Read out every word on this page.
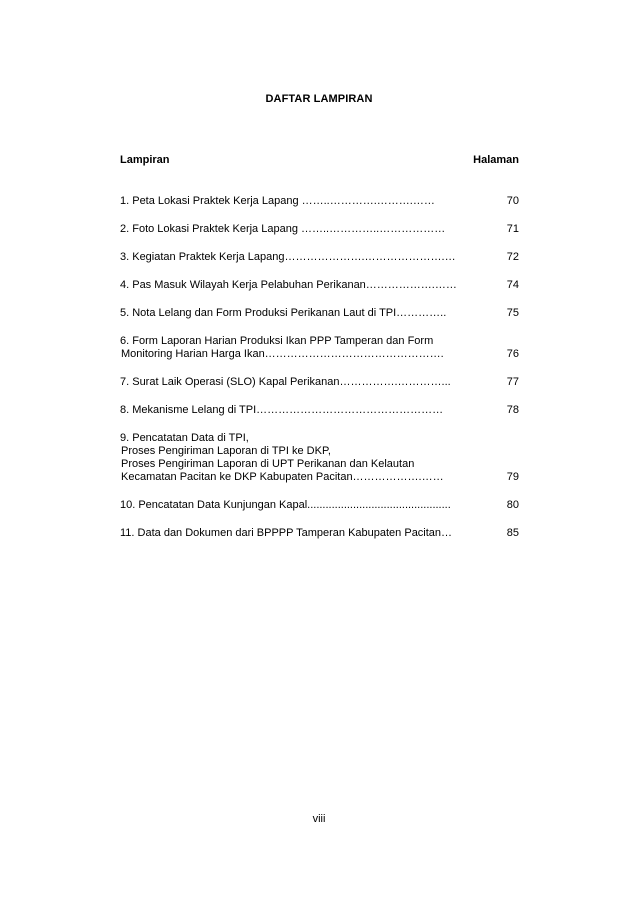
DAFTAR LAMPIRAN
Lampiran	Halaman
1. Peta Lokasi Praktek Kerja Lapang ……..………….……….……	70
2. Foto Lokasi Praktek Kerja Lapang ……..…………..………………	71
3. Kegiatan Praktek Kerja Lapang………………….………………….…	72
4. Pas Masuk Wilayah Kerja Pelabuhan Perikanan……………….……	74
5. Nota Lelang dan Form Produksi Perikanan Laut di TPI…………..	75
6. Form Laporan Harian Produksi Ikan PPP Tamperan dan Form
Monitoring Harian Harga Ikan………………………………………….	76
7. Surat Laik Operasi (SLO) Kapal Perikanan…………….…………...	77
8. Mekanisme Lelang di TPI……………………………………………	78
9. Pencatatan Data di TPI,
Proses Pengiriman Laporan di TPI ke DKP,
Proses Pengiriman Laporan di UPT Perikanan dan Kelautan
Kecamatan Pacitan ke DKP Kabupaten Pacitan……………….……	79
10. Pencatatan Data Kunjungan Kapal...............................................	80
11. Data dan Dokumen dari BPPPP Tamperan Kabupaten Pacitan…	85
viii
